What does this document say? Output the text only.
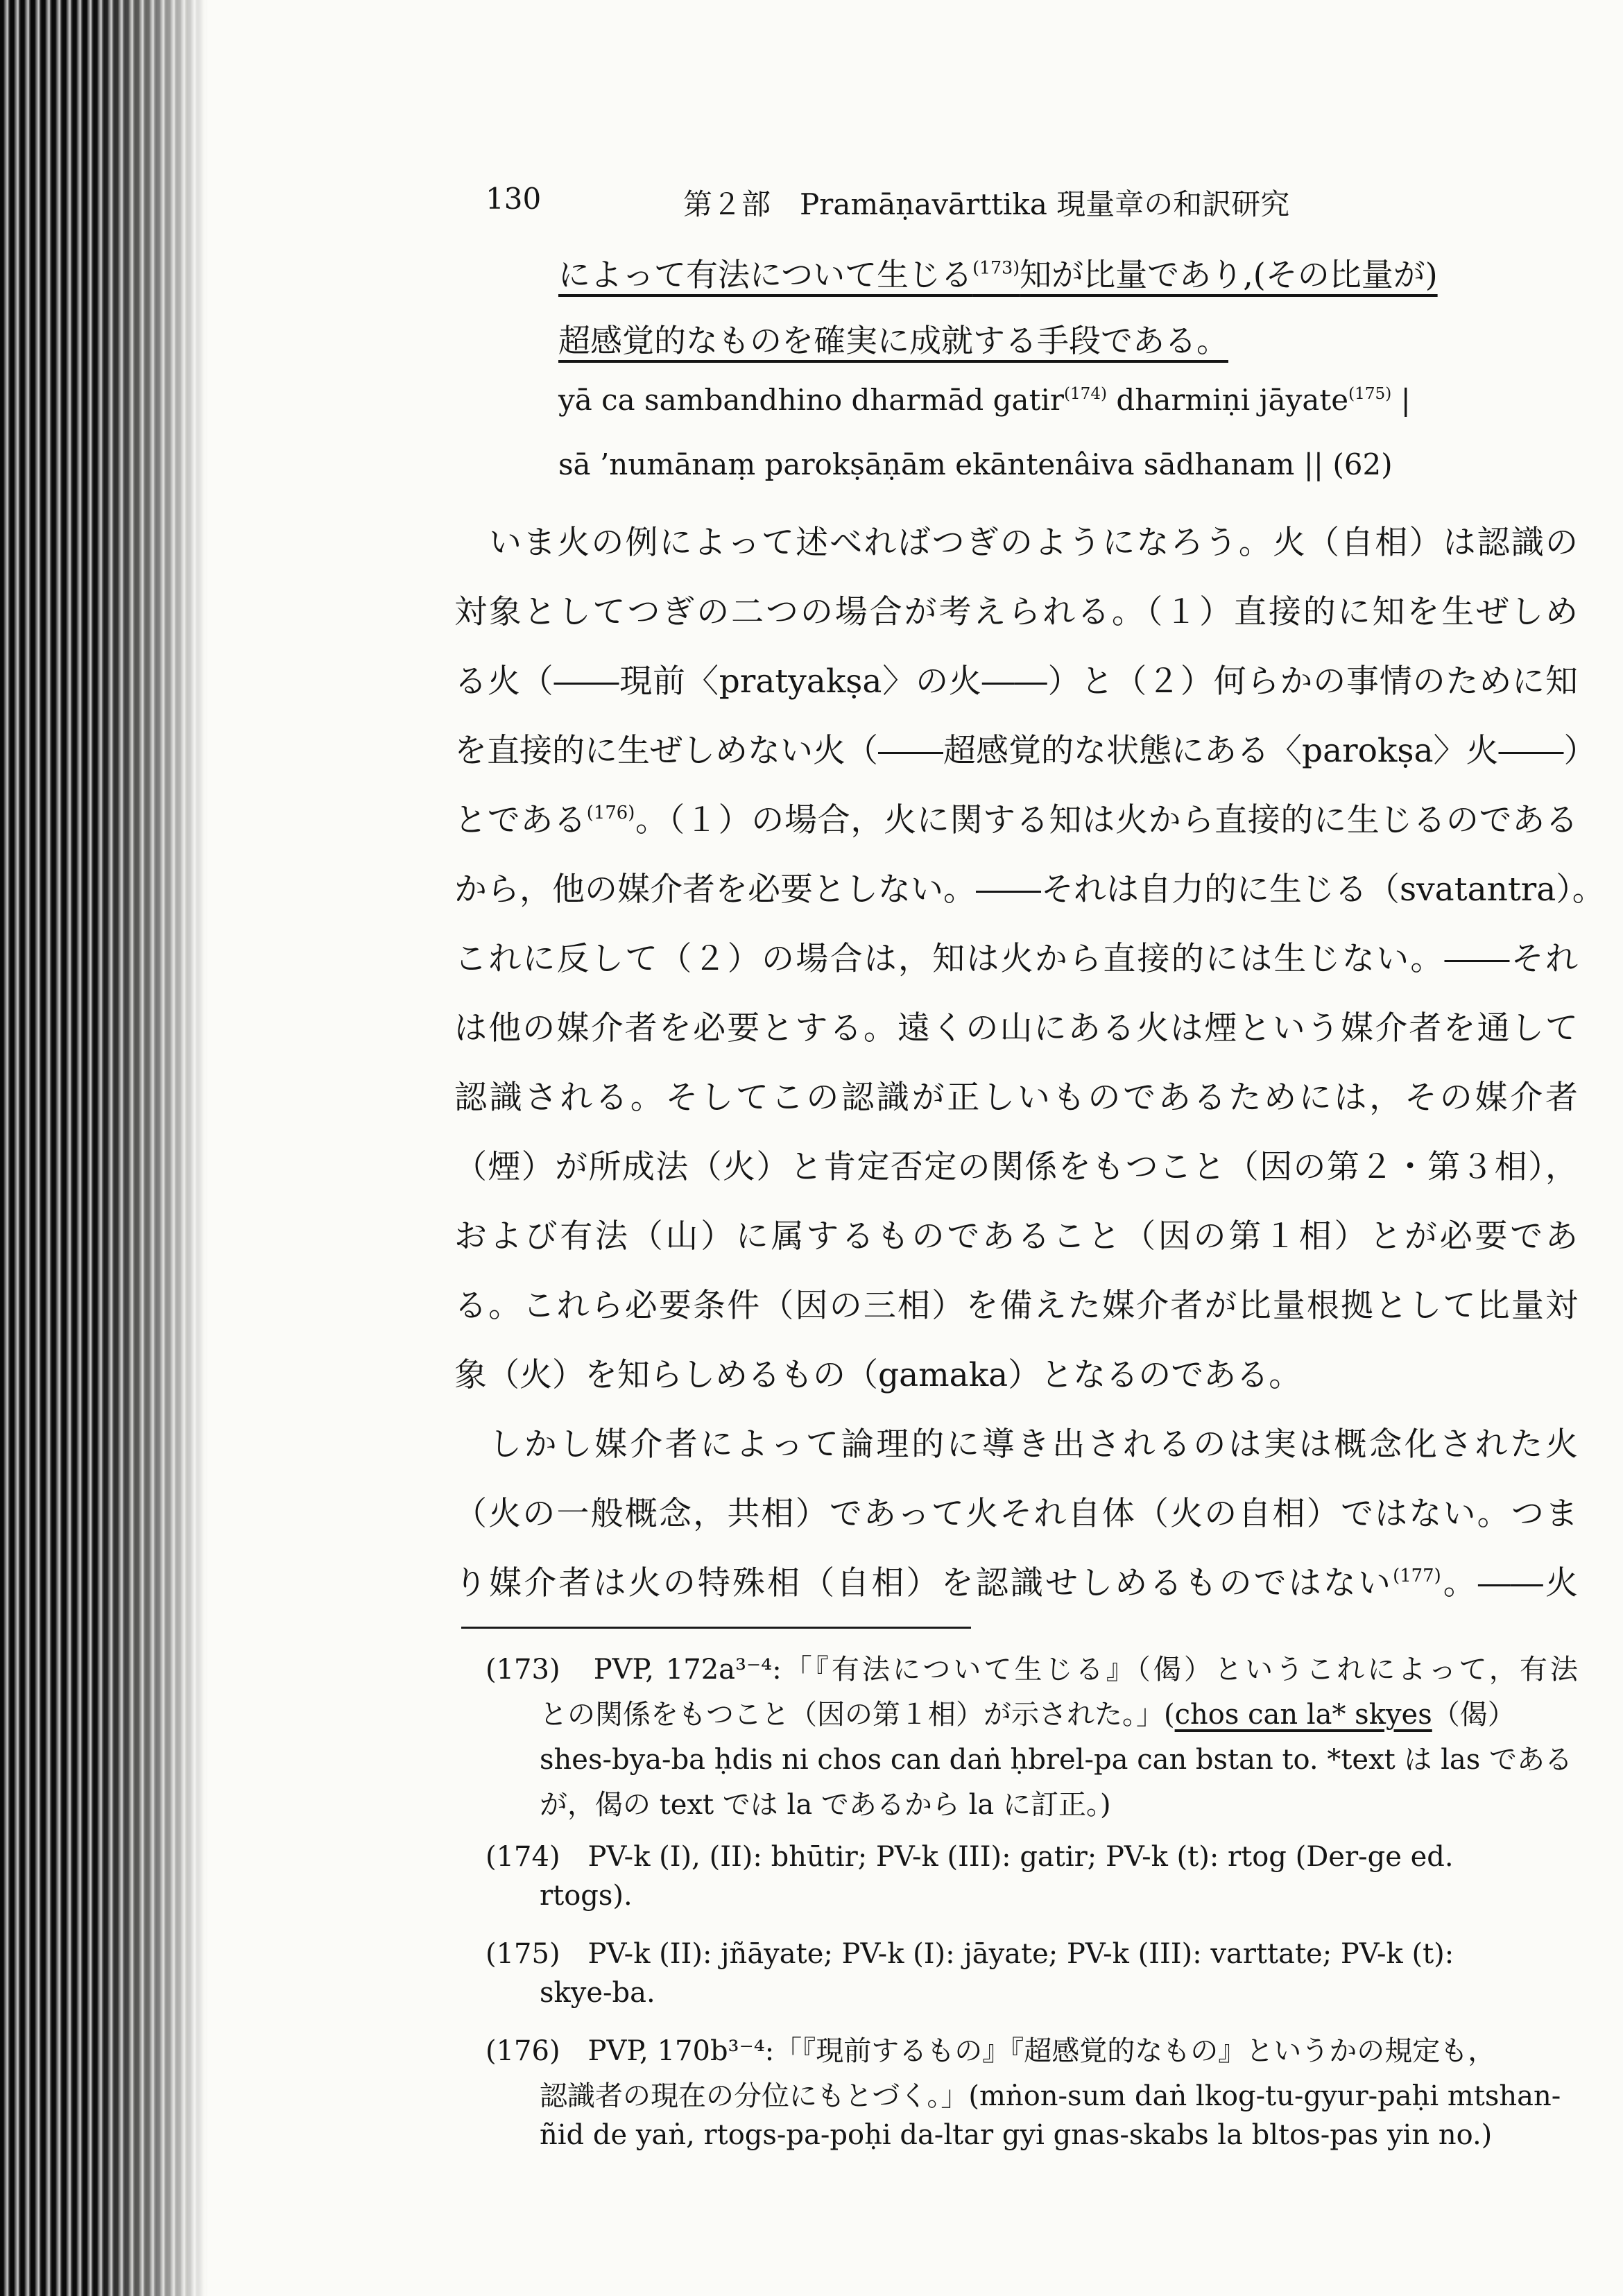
130	第２部　Pramāṇavārttika 現量章の和訳研究
によって有法について生じる$^{(173)}$知が比量であり,(その比量が)
超感覚的なものを確実に成就する手段である。
yā ca sambandhino dharmād gatir$^{(174)}$ dharmiṇi jāyate$^{(175)}$ |
sā ’numānaṃ parokṣāṇām ekāntenâiva sādhanam || (62)
いま火の例によって述べればつぎのようになろう。火（自相）は認識の
対象としてつぎの二つの場合が考えられる。（１）直接的に知を生ぜしめ
る火（――現前〈pratyakṣa〉の火――）と（２）何らかの事情のために知
を直接的に生ぜしめない火（――超感覚的な状態にある〈parokṣa〉火――）
とである$^{(176)}$。（１）の場合，火に関する知は火から直接的に生じるのである
から，他の媒介者を必要としない。――それは自力的に生じる（svatantra）。
これに反して（２）の場合は，知は火から直接的には生じない。――それ
は他の媒介者を必要とする。遠くの山にある火は煙という媒介者を通して
認識される。そしてこの認識が正しいものであるためには，その媒介者
（煙）が所成法（火）と肯定否定の関係をもつこと（因の第２・第３相），
および有法（山）に属するものであること（因の第１相）とが必要であ
る。これら必要条件（因の三相）を備えた媒介者が比量根拠として比量対
象（火）を知らしめるもの（gamaka）となるのである。
しかし媒介者によって論理的に導き出されるのは実は概念化された火
（火の一般概念，共相）であって火それ自体（火の自相）ではない。つま
り媒介者は火の特殊相（自相）を認識せしめるものではない$^{(177)}$。――火
(173)　PVP, 172a³⁻⁴:「『有法について生じる』（偈）というこれによって，有法
との関係をもつこと（因の第１相）が示された。」(chos can la* skyes（偈）
shes-bya-ba ḥdis ni chos can daṅ ḥbrel-pa can bstan to. *text は las である
が，偈の text では la であるから la に訂正。)
(174)　PV-k (I), (II): bhūtir; PV-k (III): gatir; PV-k (t): rtog (Der-ge ed.
rtogs).
(175)　PV-k (II): jñāyate; PV-k (I): jāyate; PV-k (III): varttate; PV-k (t):
skye-ba.
(176)　PVP, 170b³⁻⁴:「『現前するもの』『超感覚的なもの』というかの規定も，
認識者の現在の分位にもとづく。」(mṅon-sum daṅ lkog-tu-gyur-paḥi mtshan-
ñid de yaṅ, rtogs-pa-poḥi da-ltar gyi gnas-skabs la bltos-pas yin no.)
